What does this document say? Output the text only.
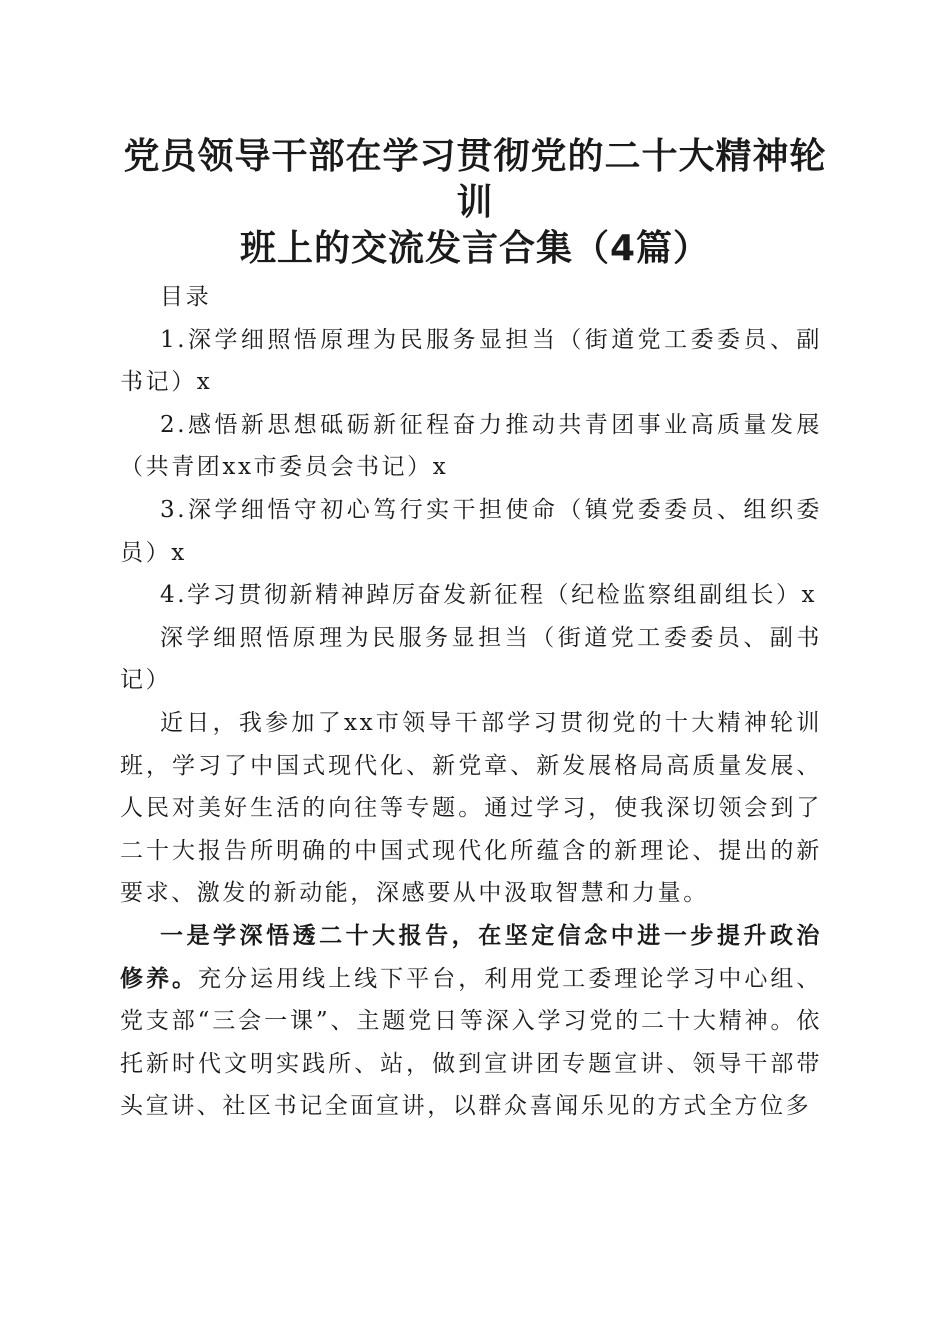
党员领导干部在学习贯彻党的二十大精神轮训
班上的交流发言合集（4篇）

目录

1.深学细照悟原理为民服务显担当（街道党工委委员、副书记）x

2.感悟新思想砥砺新征程奋力推动共青团事业高质量发展（共青团xx市委员会书记）x

3.深学细悟守初心笃行实干担使命（镇党委委员、组织委员）x

4.学习贯彻新精神踔厉奋发新征程（纪检监察组副组长）x

深学细照悟原理为民服务显担当（街道党工委委员、副书记）

近日，我参加了xx市领导干部学习贯彻党的十大精神轮训班，学习了中国式现代化、新党章、新发展格局高质量发展、人民对美好生活的向往等专题。通过学习，使我深切领会到了二十大报告所明确的中国式现代化所蕴含的新理论、提出的新要求、激发的新动能，深感要从中汲取智慧和力量。

一是学深悟透二十大报告，在坚定信念中进一步提升政治修养。充分运用线上线下平台，利用党工委理论学习中心组、党支部“三会一课”、主题党日等深入学习党的二十大精神。依托新时代文明实践所、站，做到宣讲团专题宣讲、领导干部带头宣讲、社区书记全面宣讲，以群众喜闻乐见的方式全方位多
